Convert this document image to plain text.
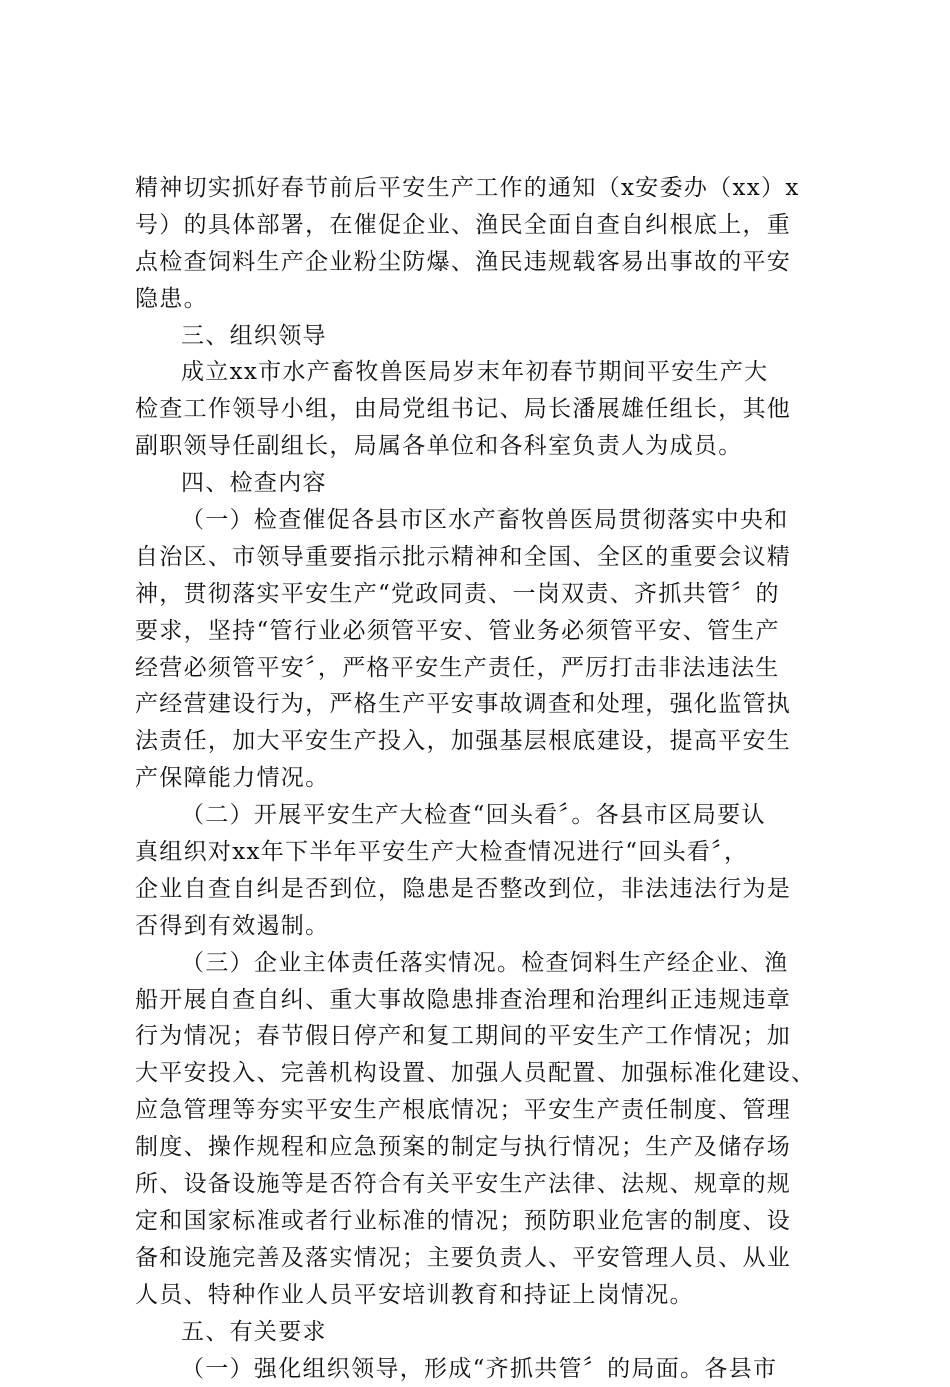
精神切实抓好春节前后平安生产工作的通知（x安委办（xx）x
号）的具体部署，在催促企业、渔民全面自查自纠根底上，重
点检查饲料生产企业粉尘防爆、渔民违规载客易出事故的平安
隐患。
三、组织领导
成立xx市水产畜牧兽医局岁末年初春节期间平安生产大
检查工作领导小组，由局党组书记、局长潘展雄任组长，其他
副职领导任副组长，局属各单位和各科室负责人为成员。
四、检查内容
（一）检查催促各县市区水产畜牧兽医局贯彻落实中央和
自治区、市领导重要指示批示精神和全国、全区的重要会议精
神，贯彻落实平安生产“党政同责、一岗双责、齐抓共管〞的
要求，坚持“管行业必须管平安、管业务必须管平安、管生产
经营必须管平安〞，严格平安生产责任，严厉打击非法违法生
产经营建设行为，严格生产平安事故调查和处理，强化监管执
法责任，加大平安生产投入，加强基层根底建设，提高平安生
产保障能力情况。
（二）开展平安生产大检查“回头看〞。各县市区局要认
真组织对xx年下半年平安生产大检查情况进行“回头看〞，
企业自查自纠是否到位，隐患是否整改到位，非法违法行为是
否得到有效遏制。
（三）企业主体责任落实情况。检查饲料生产经企业、渔
船开展自查自纠、重大事故隐患排查治理和治理纠正违规违章
行为情况；春节假日停产和复工期间的平安生产工作情况；加
大平安投入、完善机构设置、加强人员配置、加强标准化建设、
应急管理等夯实平安生产根底情况；平安生产责任制度、管理
制度、操作规程和应急预案的制定与执行情况；生产及储存场
所、设备设施等是否符合有关平安生产法律、法规、规章的规
定和国家标准或者行业标准的情况；预防职业危害的制度、设
备和设施完善及落实情况；主要负责人、平安管理人员、从业
人员、特种作业人员平安培训教育和持证上岗情况。
五、有关要求
（一）强化组织领导，形成“齐抓共管〞的局面。各县市
